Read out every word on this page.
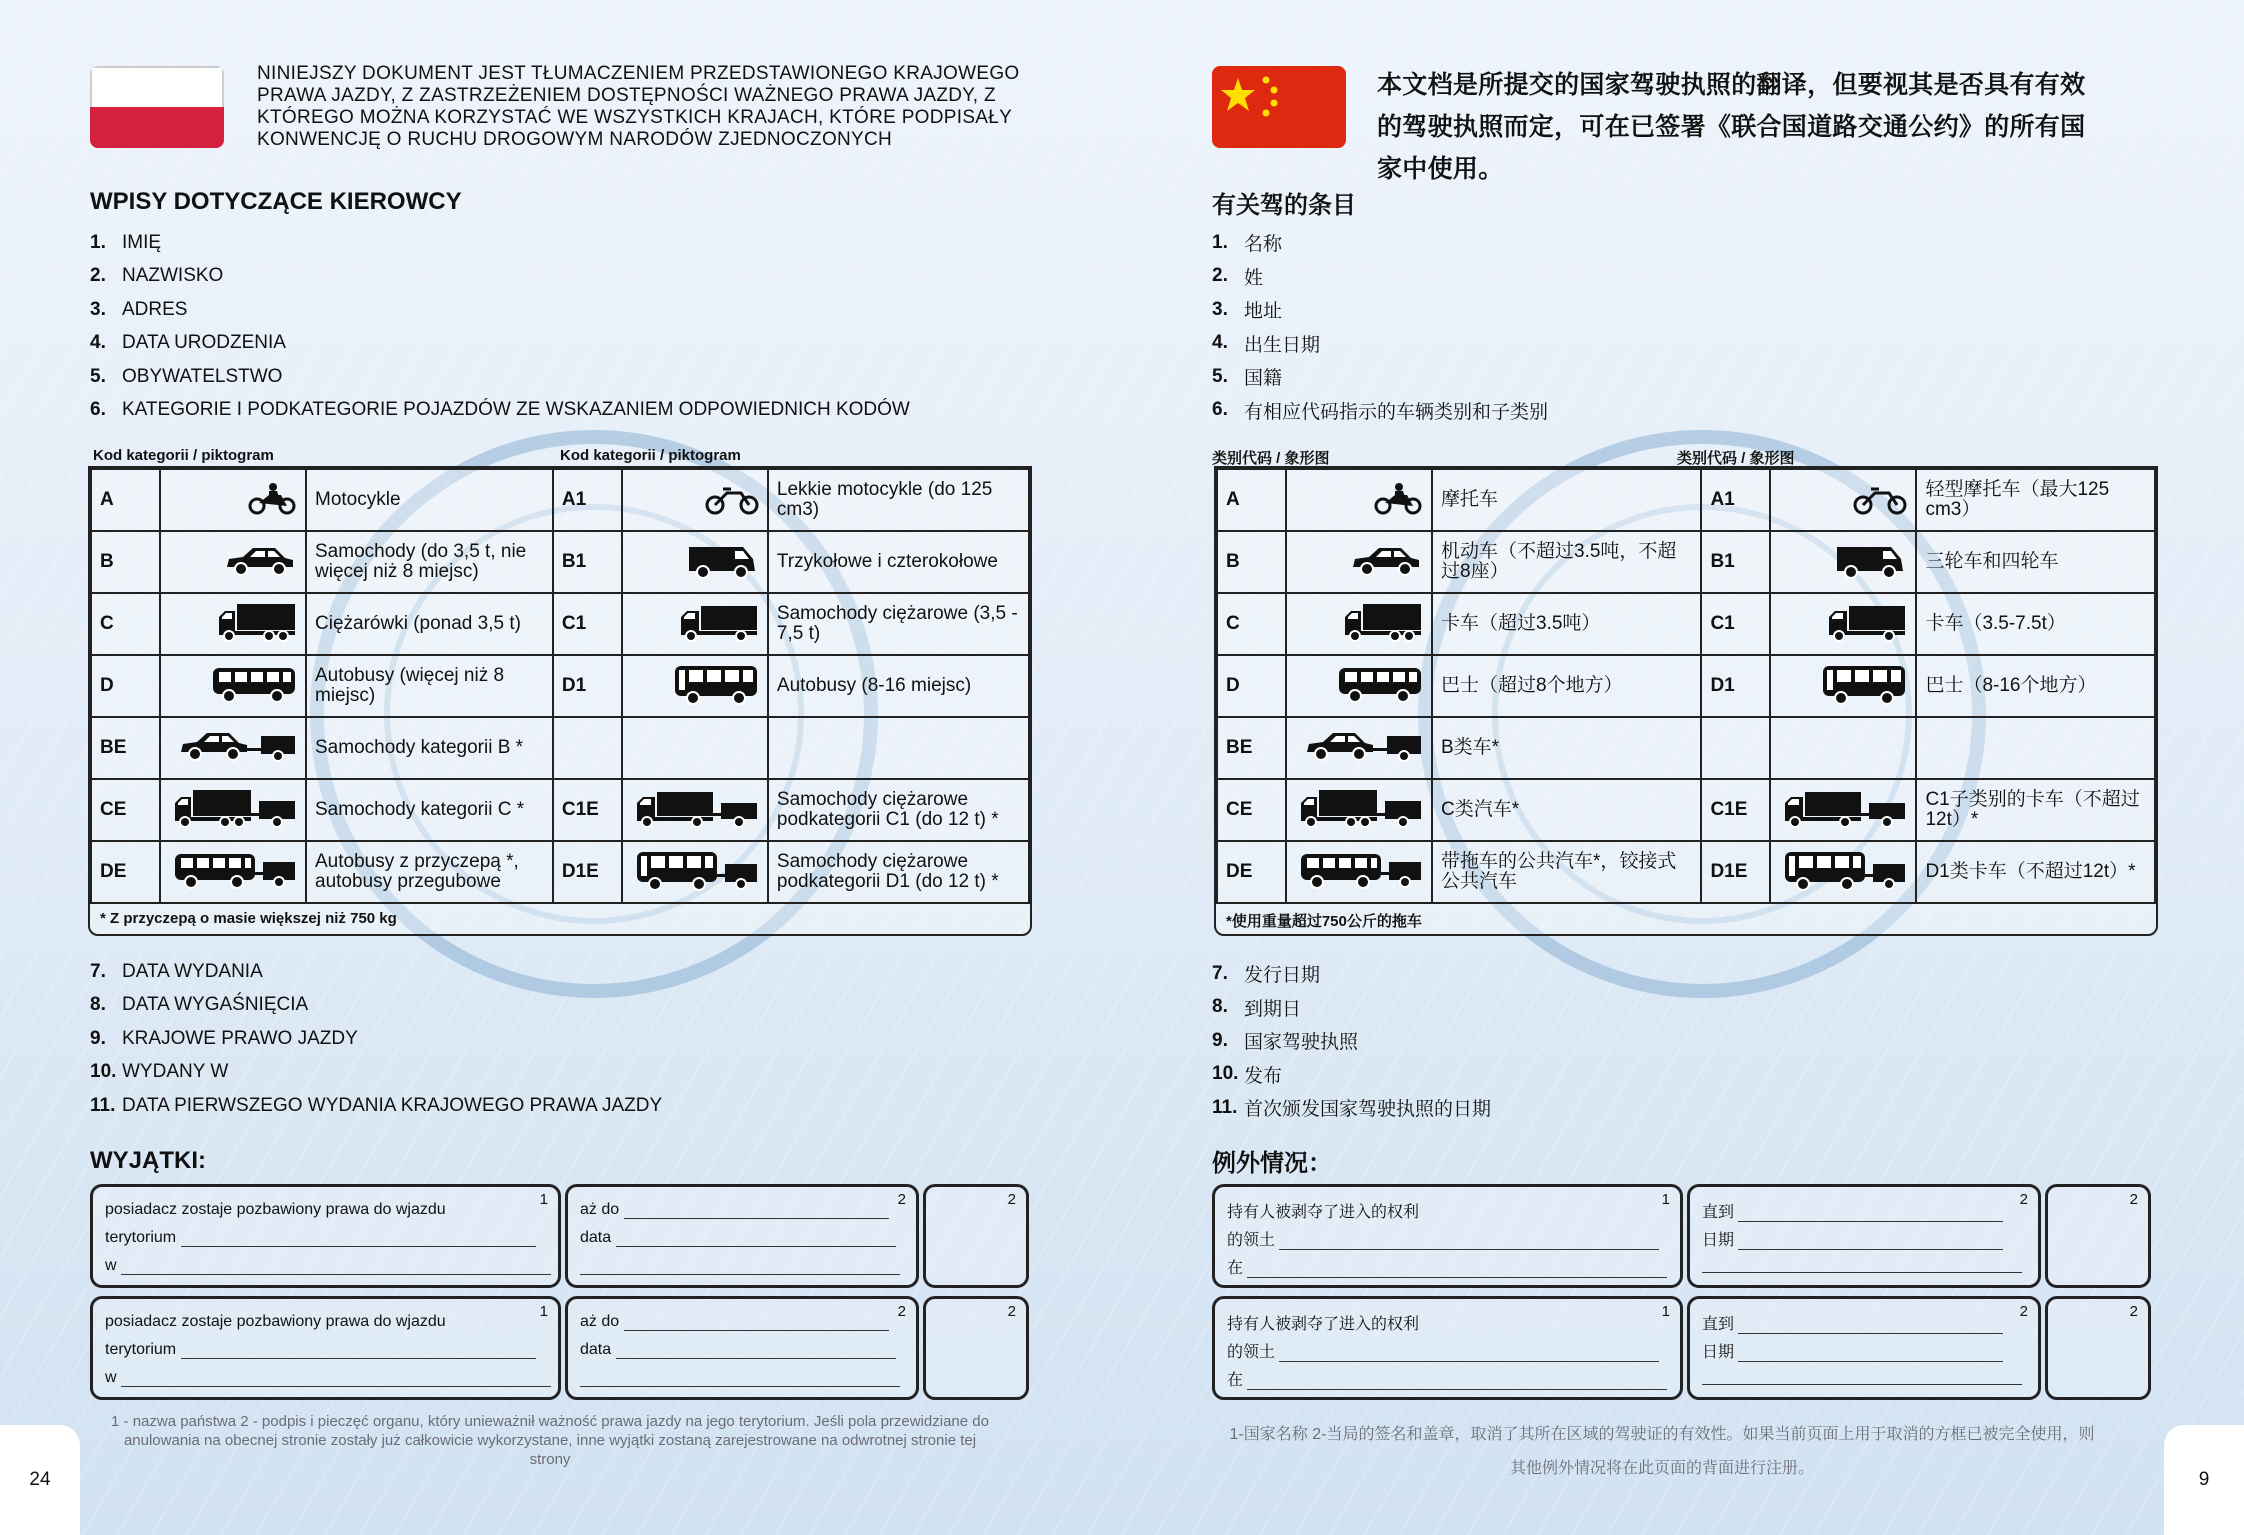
NINIEJSZY DOKUMENT JEST TŁUMACZENIEM PRZEDSTAWIONEGO KRAJOWEGO PRAWA JAZDY, Z ZASTRZEŻENIEM DOSTĘPNOŚCI WAŻNEGO PRAWA JAZDY, Z KTÓREGO MOŻNA KORZYSTAĆ WE WSZYSTKICH KRAJACH, KTÓRE PODPISAŁY KONWENCJĘ O RUCHU DROGOWYM NARODÓW ZJEDNOCZONYCH
WPISY DOTYCZĄCE KIEROWCY
1. IMIĘ
2. NAZWISKO
3. ADRES
4. DATA URODZENIA
5. OBYWATELSTWO
6. KATEGORIE I PODKATEGORIE POJAZDÓW ZE WSKAZANIEM ODPOWIEDNICH KODÓW
Kod kategorii / piktogram	Kod kategorii / piktogram
A		Motocykle	A1		Lekkie motocykle (do 125 cm3)
B		Samochody (do 3,5 t, nie więcej niż 8 miejsc)	B1		Trzykołowe i czterokołowe
C		Ciężarówki (ponad 3,5 t)	C1		Samochody ciężarowe (3,5 - 7,5 t)
D		Autobusy (więcej niż 8 miejsc)	D1		Autobusy (8-16 miejsc)
BE		Samochody kategorii B *			
CE		Samochody kategorii C *	C1E		Samochody ciężarowe podkategorii C1 (do 12 t) *
DE		Autobusy z przyczepą *, autobusy przegubowe	D1E		Samochody ciężarowe podkategorii D1 (do 12 t) *
* Z przyczepą o masie większej niż 750 kg
7. DATA WYDANIA
8. DATA WYGAŚNIĘCIA
9. KRAJOWE PRAWO JAZDY
10. WYDANY W
11. DATA PIERWSZEGO WYDANIA KRAJOWEGO PRAWA JAZDY
WYJĄTKI:
1
posiadacz zostaje pozbawiony prawa do wjazdu
terytorium
w
2
aż do
data
2
1
posiadacz zostaje pozbawiony prawa do wjazdu
terytorium
w
2
aż do
data
2
1 - nazwa państwa 2 - podpis i pieczęć organu, który unieważnił ważność prawa jazdy na jego terytorium. Jeśli pola przewidziane do anulowania na obecnej stronie zostały już całkowicie wykorzystane, inne wyjątki zostaną zarejestrowane na odwrotnej stronie tej strony
24
本文档是所提交的国家驾驶执照的翻译，但要视其是否具有有效的驾驶执照而定，可在已签署《联合国道路交通公约》的所有国家中使用。
有关驾的条目
1. 名称
2. 姓
3. 地址
4. 出生日期
5. 国籍
6. 有相应代码指示的车辆类别和子类别
类别代码 / 象形图	类别代码 / 象形图
A		摩托车	A1		轻型摩托车（最大125 cm3）
B		机动车（不超过3.5吨，不超过8座）	B1		三轮车和四轮车
C		卡车（超过3.5吨）	C1		卡车（3.5-7.5t）
D		巴士（超过8个地方）	D1		巴士（8-16个地方）
BE		B类车*			
CE		C类汽车*	C1E		C1子类别的卡车（不超过12t）*
DE		带拖车的公共汽车*，铰接式公共汽车	D1E		D1类卡车（不超过12t）*
*使用重量超过750公斤的拖车
7. 发行日期
8. 到期日
9. 国家驾驶执照
10. 发布
11. 首次颁发国家驾驶执照的日期
例外情况：
1
持有人被剥夺了进入的权利
的领土
在
2
直到
日期
2
1
持有人被剥夺了进入的权利
的领土
在
2
直到
日期
2
1-国家名称 2-当局的签名和盖章，取消了其所在区域的驾驶证的有效性。如果当前页面上用于取消的方框已被完全使用，则其他例外情况将在此页面的背面进行注册。
9
